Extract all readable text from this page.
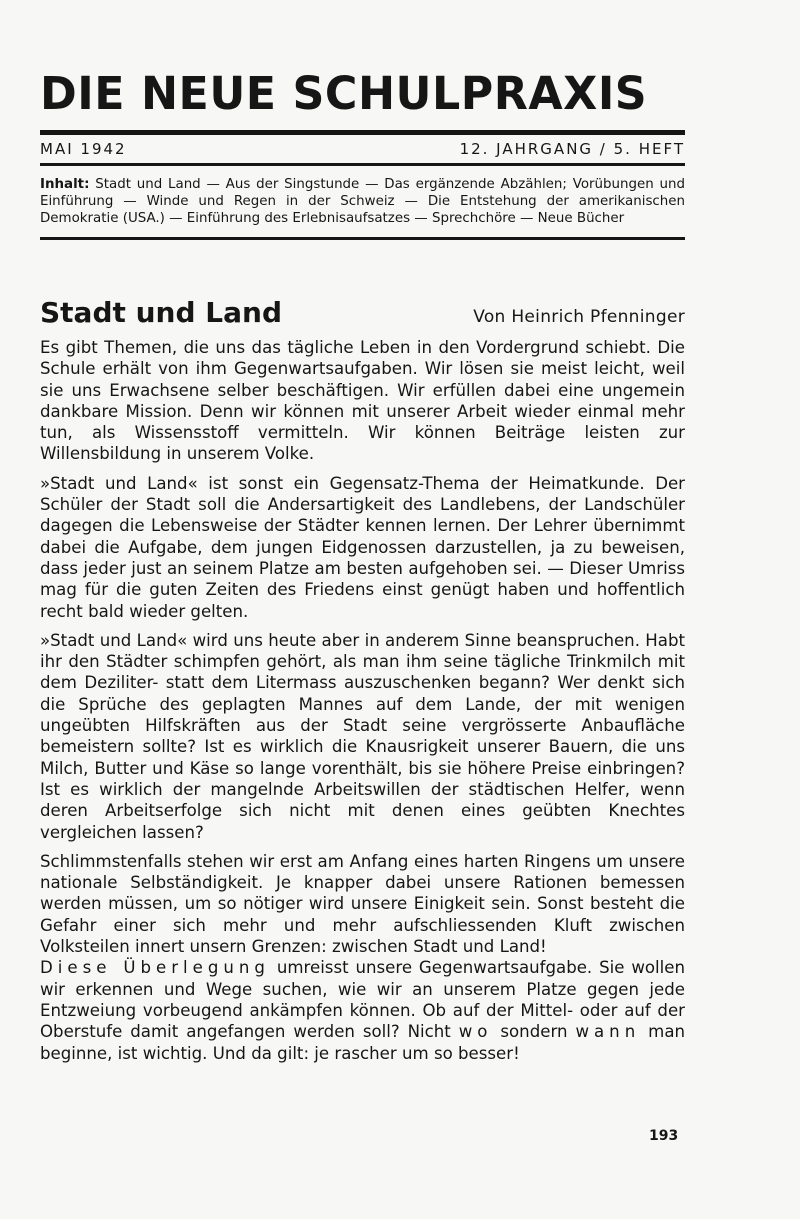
DIE NEUE SCHULPRAXIS
MAI 1942	12. JAHRGANG / 5. HEFT
Inhalt: Stadt und Land — Aus der Singstunde — Das ergänzende Abzählen; Vorübungen und Einführung — Winde und Regen in der Schweiz — Die Entstehung der amerikanischen Demokratie (USA.) — Einführung des Erlebnisaufsatzes — Sprechchöre — Neue Bücher
Stadt und Land	Von Heinrich Pfenninger

Es gibt Themen, die uns das tägliche Leben in den Vordergrund schiebt. Die Schule erhält von ihm Gegenwartsaufgaben. Wir lösen sie meist leicht, weil sie uns Erwachsene selber beschäftigen. Wir erfüllen dabei eine ungemein dankbare Mission. Denn wir können mit unserer Arbeit wieder einmal mehr tun, als Wissensstoff vermitteln. Wir können Beiträge leisten zur Willensbildung in unserem Volke.

»Stadt und Land« ist sonst ein Gegensatz-Thema der Heimatkunde. Der Schüler der Stadt soll die Andersartigkeit des Landlebens, der Landschüler dagegen die Lebensweise der Städter kennen lernen. Der Lehrer übernimmt dabei die Aufgabe, dem jungen Eidgenossen darzustellen, ja zu beweisen, dass jeder just an seinem Platze am besten aufgehoben sei. — Dieser Umriss mag für die guten Zeiten des Friedens einst genügt haben und hoffentlich recht bald wieder gelten.

»Stadt und Land« wird uns heute aber in anderem Sinne beanspruchen. Habt ihr den Städter schimpfen gehört, als man ihm seine tägliche Trinkmilch mit dem Deziliter- statt dem Litermass auszuschenken begann? Wer denkt sich die Sprüche des geplagten Mannes auf dem Lande, der mit wenigen ungeübten Hilfskräften aus der Stadt seine vergrösserte Anbaufläche bemeistern sollte? Ist es wirklich die Knausrigkeit unserer Bauern, die uns Milch, Butter und Käse so lange vorenthält, bis sie höhere Preise einbringen? Ist es wirklich der mangelnde Arbeitswillen der städtischen Helfer, wenn deren Arbeitserfolge sich nicht mit denen eines geübten Knechtes vergleichen lassen?

Schlimmstenfalls stehen wir erst am Anfang eines harten Ringens um unsere nationale Selbständigkeit. Je knapper dabei unsere Rationen bemessen werden müssen, um so nötiger wird unsere Einigkeit sein. Sonst besteht die Gefahr einer sich mehr und mehr aufschliessenden Kluft zwischen Volksteilen innert unsern Grenzen: zwischen Stadt und Land!

Diese Überlegung umreisst unsere Gegenwartsaufgabe. Sie wollen wir erkennen und Wege suchen, wie wir an unserem Platze gegen jede Entzweiung vorbeugend ankämpfen können. Ob auf der Mittel- oder auf der Oberstufe damit angefangen werden soll? Nicht wo sondern wann man beginne, ist wichtig. Und da gilt: je rascher um so besser!

193
